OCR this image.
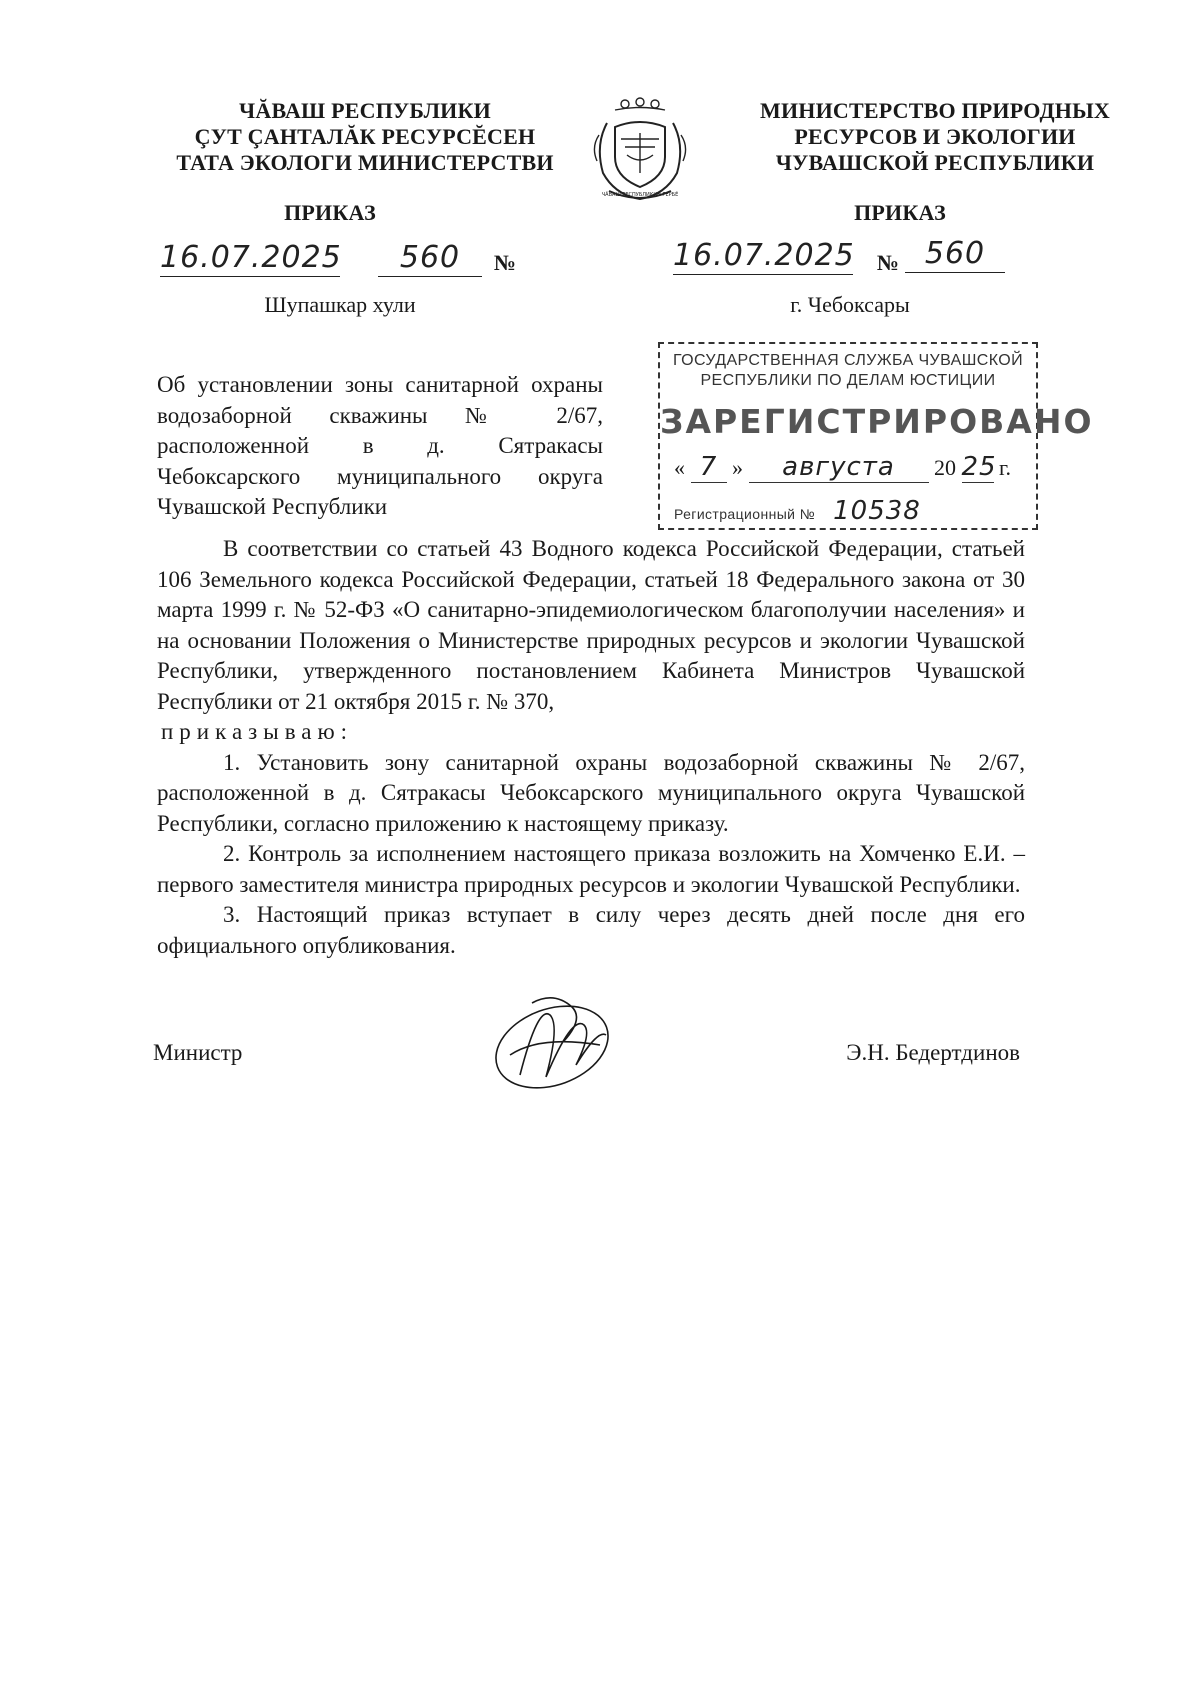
ЧĂВАШ РЕСПУБЛИКИ
ÇУТ ÇАНТАЛĂК РЕСУРСĔСЕН
ТАТА ЭКОЛОГИ МИНИСТЕРСТВИ
МИНИСТЕРСТВО ПРИРОДНЫХ
РЕСУРСОВ И ЭКОЛОГИИ
ЧУВАШСКОЙ РЕСПУБЛИКИ
ЧĂВАШ РЕСПУБЛИКИН ГЕРБĔ
ПРИКАЗ	ПРИКАЗ
16.07.2025	560	№	16.07.2025 № 560
Шупашкар хули	г. Чебоксары
Об установлении зоны санитарной охраны водозаборной скважины № 2/67, расположенной в д. Сятракасы Чебоксарского муниципального округа Чувашской Республики
ГОСУДАРСТВЕННАЯ СЛУЖБА ЧУВАШСКОЙ
РЕСПУБЛИКИ ПО ДЕЛАМ ЮСТИЦИИ
ЗАРЕГИСТРИРОВАНО
« 7 » августа 20 25 г.
Регистрационный № 10538

В соответствии со статьей 43 Водного кодекса Российской Федерации, статьей 106 Земельного кодекса Российской Федерации, статьей 18 Федерального закона от 30 марта 1999 г. № 52-ФЗ «О санитарно-эпидемиологическом благополучии населения» и на основании Положения о Министерстве природных ресурсов и экологии Чувашской Республики, утвержденного постановлением Кабинета Министров Чувашской Республики от 21 октября 2015 г. № 370,

приказываю:

1. Установить зону санитарной охраны водозаборной скважины № 2/67, расположенной в д. Сятракасы Чебоксарского муниципального округа Чувашской Республики, согласно приложению к настоящему приказу.

2. Контроль за исполнением настоящего приказа возложить на Хомченко Е.И. – первого заместителя министра природных ресурсов и экологии Чувашской Республики.

3. Настоящий приказ вступает в силу через десять дней после дня его официального опубликования.

Министр	Э.Н. Бедертдинов
